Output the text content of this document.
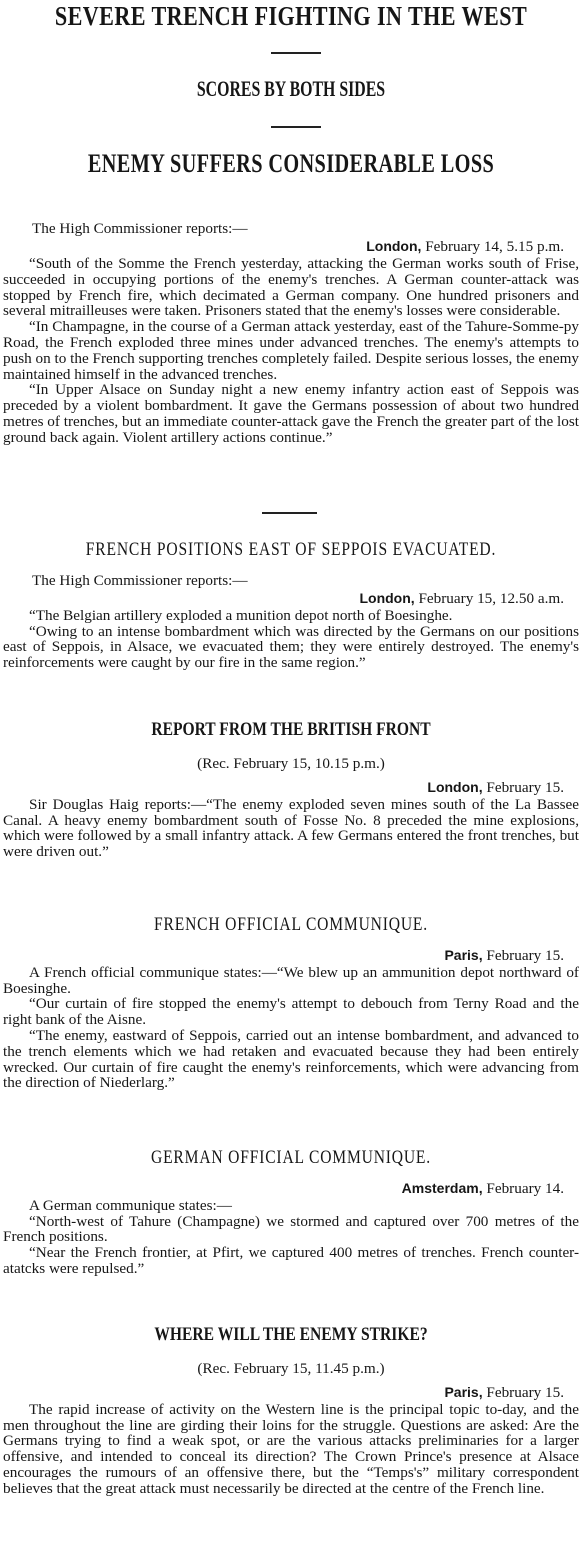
SEVERE TRENCH FIGHTING IN THE WEST
SCORES BY BOTH SIDES
ENEMY SUFFERS CONSIDERABLE LOSS
The High Commissioner reports:—
London, February 14, 5.15 p.m.

“South of the Somme the French yesterday, attacking the German works south of Frise, succeeded in occupying portions of the enemy's trenches. A German counter-attack was stopped by French fire, which decimated a German company. One hundred prisoners and several mitrailleuses were taken. Prisoners stated that the enemy's losses were considerable.

“In Champagne, in the course of a German attack yesterday, east of the Tahure-Somme-py Road, the French exploded three mines under advanced trenches. The enemy's attempts to push on to the French supporting trenches completely failed. Despite serious losses, the enemy maintained himself in the advanced trenches.

“In Upper Alsace on Sunday night a new enemy infantry action east of Seppois was preceded by a violent bombardment. It gave the Germans possession of about two hundred metres of trenches, but an immediate counter-attack gave the French the greater part of the lost ground back again. Violent artillery actions continue.”

FRENCH POSITIONS EAST OF SEPPOIS EVACUATED.
The High Commissioner reports:—
London, February 15, 12.50 a.m.

“The Belgian artillery exploded a munition depot north of Boesinghe.

“Owing to an intense bombardment which was directed by the Germans on our positions east of Seppois, in Alsace, we evacuated them; they were entirely destroyed. The enemy's reinforcements were caught by our fire in the same region.”

REPORT FROM THE BRITISH FRONT
(Rec. February 15, 10.15 p.m.)
London, February 15.

Sir Douglas Haig reports:—“The enemy exploded seven mines south of the La Bassee Canal. A heavy enemy bombardment south of Fosse No. 8 preceded the mine explosions, which were followed by a small infantry attack. A few Germans entered the front trenches, but were driven out.”

FRENCH OFFICIAL COMMUNIQUE.
Paris, February 15.

A French official communique states:—“We blew up an ammunition depot northward of Boesinghe.

“Our curtain of fire stopped the enemy's attempt to debouch from Terny Road and the right bank of the Aisne.

“The enemy, eastward of Seppois, carried out an intense bombardment, and advanced to the trench elements which we had retaken and evacuated because they had been entirely wrecked. Our curtain of fire caught the enemy's reinforcements, which were advancing from the direction of Niederlarg.”

GERMAN OFFICIAL COMMUNIQUE.
Amsterdam, February 14.

A German communique states:—

“North-west of Tahure (Champagne) we stormed and captured over 700 metres of the French positions.

“Near the French frontier, at Pfirt, we captured 400 metres of trenches. French counter-atatcks were repulsed.”

WHERE WILL THE ENEMY STRIKE?
(Rec. February 15, 11.45 p.m.)
Paris, February 15.

The rapid increase of activity on the Western line is the principal topic to-day, and the men throughout the line are girding their loins for the struggle. Questions are asked: Are the Germans trying to find a weak spot, or are the various attacks preliminaries for a larger offensive, and intended to conceal its direction? The Crown Prince's presence at Alsace encourages the rumours of an offensive there, but the “Temps's” military correspondent believes that the great attack must necessarily be directed at the centre of the French line.
